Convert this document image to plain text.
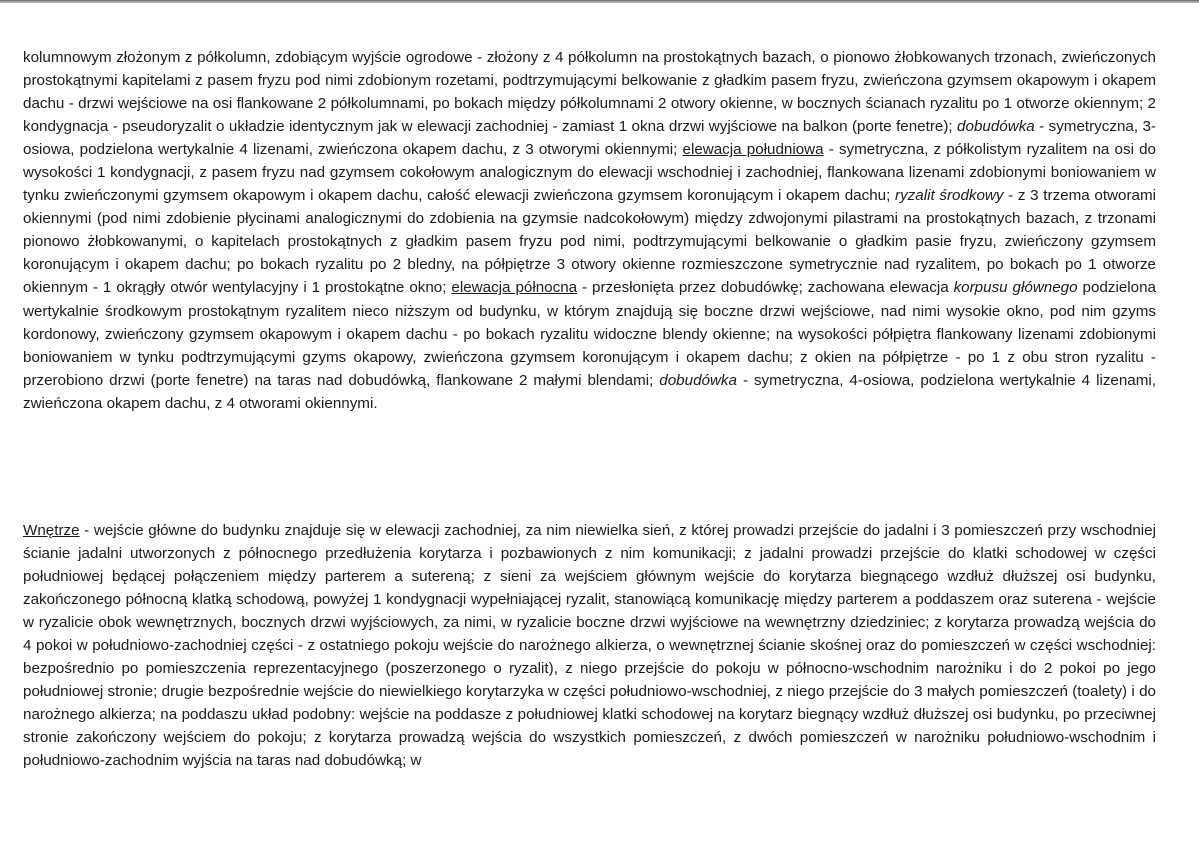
kolumnowym złożonym z półkolumn, zdobiącym wyjście ogrodowe - złożony z 4 półkolumn na prostokątnych bazach, o pionowo żłobkowanych trzonach, zwieńczonych prostokątnymi kapitelami z pasem fryzu pod nimi zdobionym rozetami, podtrzymującymi belkowanie z gładkim pasem fryzu, zwieńczona gzymsem okapowym i okapem dachu - drzwi wejściowe na osi flankowane 2 półkolumnami, po bokach między półkolumnami 2 otwory okienne, w bocznych ścianach ryzalitu po 1 otworze okiennym; 2 kondygnacja - pseudoryzalit o układzie identycznym jak w elewacji zachodniej - zamiast 1 okna drzwi wyjściowe na balkon (porte fenetre); dobudówka - symetryczna, 3-osiowa, podzielona wertykalnie 4 lizenami, zwieńczona okapem dachu, z 3 otworymi okiennymi; elewacja południowa - symetryczna, z półkolistym ryzalitem na osi do wysokości 1 kondygnacji, z pasem fryzu nad gzymsem cokołowym analogicznym do elewacji wschodniej i zachodniej, flankowana lizenami zdobionymi boniowaniem w tynku zwieńczonymi gzymsem okapowym i okapem dachu, całość elewacji zwieńczona gzymsem koronującym i okapem dachu; ryzalit środkowy - z 3 trzema otworami okiennymi (pod nimi zdobienie płycinami analogicznymi do zdobienia na gzymsie nadcokołowym) między zdwojonymi pilastrami na prostokątnych bazach, z trzonami pionowo żłobkowanymi, o kapitelach prostokątnych z gładkim pasem fryzu pod nimi, podtrzymującymi belkowanie o gładkim pasie fryzu, zwieńczony gzymsem koronującym i okapem dachu; po bokach ryzalitu po 2 bledny, na półpiętrze 3 otwory okienne rozmieszczone symetrycznie nad ryzalitem, po bokach po 1 otworze okiennym - 1 okrągły otwór wentylacyjny i 1 prostokątne okno; elewacja północna - przesłonięta przez dobudówkę; zachowana elewacja korpusu głównego podzielona wertykalnie środkowym prostokątnym ryzalitem nieco niższym od budynku, w którym znajdują się boczne drzwi wejściowe, nad nimi wysokie okno, pod nim gzyms kordonowy, zwieńczony gzymsem okapowym i okapem dachu - po bokach ryzalitu widoczne blendy okienne; na wysokości półpiętra flankowany lizenami zdobionymi boniowaniem w tynku podtrzymującymi gzyms okapowy, zwieńczona gzymsem koronującym i okapem dachu; z okien na półpiętrze - po 1 z obu stron ryzalitu - przerobiono drzwi (porte fenetre) na taras nad dobudówką, flankowane 2 małymi blendami; dobudówka - symetryczna, 4-osiowa, podzielona wertykalnie 4 lizenami, zwieńczona okapem dachu, z 4 otworami okiennymi.

Wnętrze - wejście główne do budynku znajduje się w elewacji zachodniej, za nim niewielka sień, z której prowadzi przejście do jadalni i 3 pomieszczeń przy wschodniej ścianie jadalni utworzonych z północnego przedłużenia korytarza i pozbawionych z nim komunikacji; z jadalni prowadzi przejście do klatki schodowej w części południowej będącej połączeniem między parterem a sutereną; z sieni za wejściem głównym wejście do korytarza biegnącego wzdłuż dłuższej osi budynku, zakończonego północną klatką schodową, powyżej 1 kondygnacji wypełniającej ryzalit, stanowiącą komunikację między parterem a poddaszem oraz suterena - wejście w ryzalicie obok wewnętrznych, bocznych drzwi wyjściowych, za nimi, w ryzalicie boczne drzwi wyjściowe na wewnętrzny dziedziniec; z korytarza prowadzą wejścia do 4 pokoi w południowo-zachodniej części - z ostatniego pokoju wejście do narożnego alkierza, o wewnętrznej ścianie skośnej oraz do pomieszczeń w części wschodniej: bezpośrednio po pomieszczenia reprezentacyjnego (poszerzonego o ryzalit), z niego przejście do pokoju w północno-wschodnim narożniku i do 2 pokoi po jego południowej stronie; drugie bezpośrednie wejście do niewielkiego korytarzyka w części południowo-wschodniej, z niego przejście do 3 małych pomieszczeń (toalety) i do narożnego alkierza; na poddaszu układ podobny: wejście na poddasze z południowej klatki schodowej na korytarz biegnący wzdłuż dłuższej osi budynku, po przeciwnej stronie zakończony wejściem do pokoju; z korytarza prowadzą wejścia do wszystkich pomieszczeń, z dwóch pomieszczeń w narożniku południowo-wschodnim i południowo-zachodnim wyjścia na taras nad dobudówką; w
